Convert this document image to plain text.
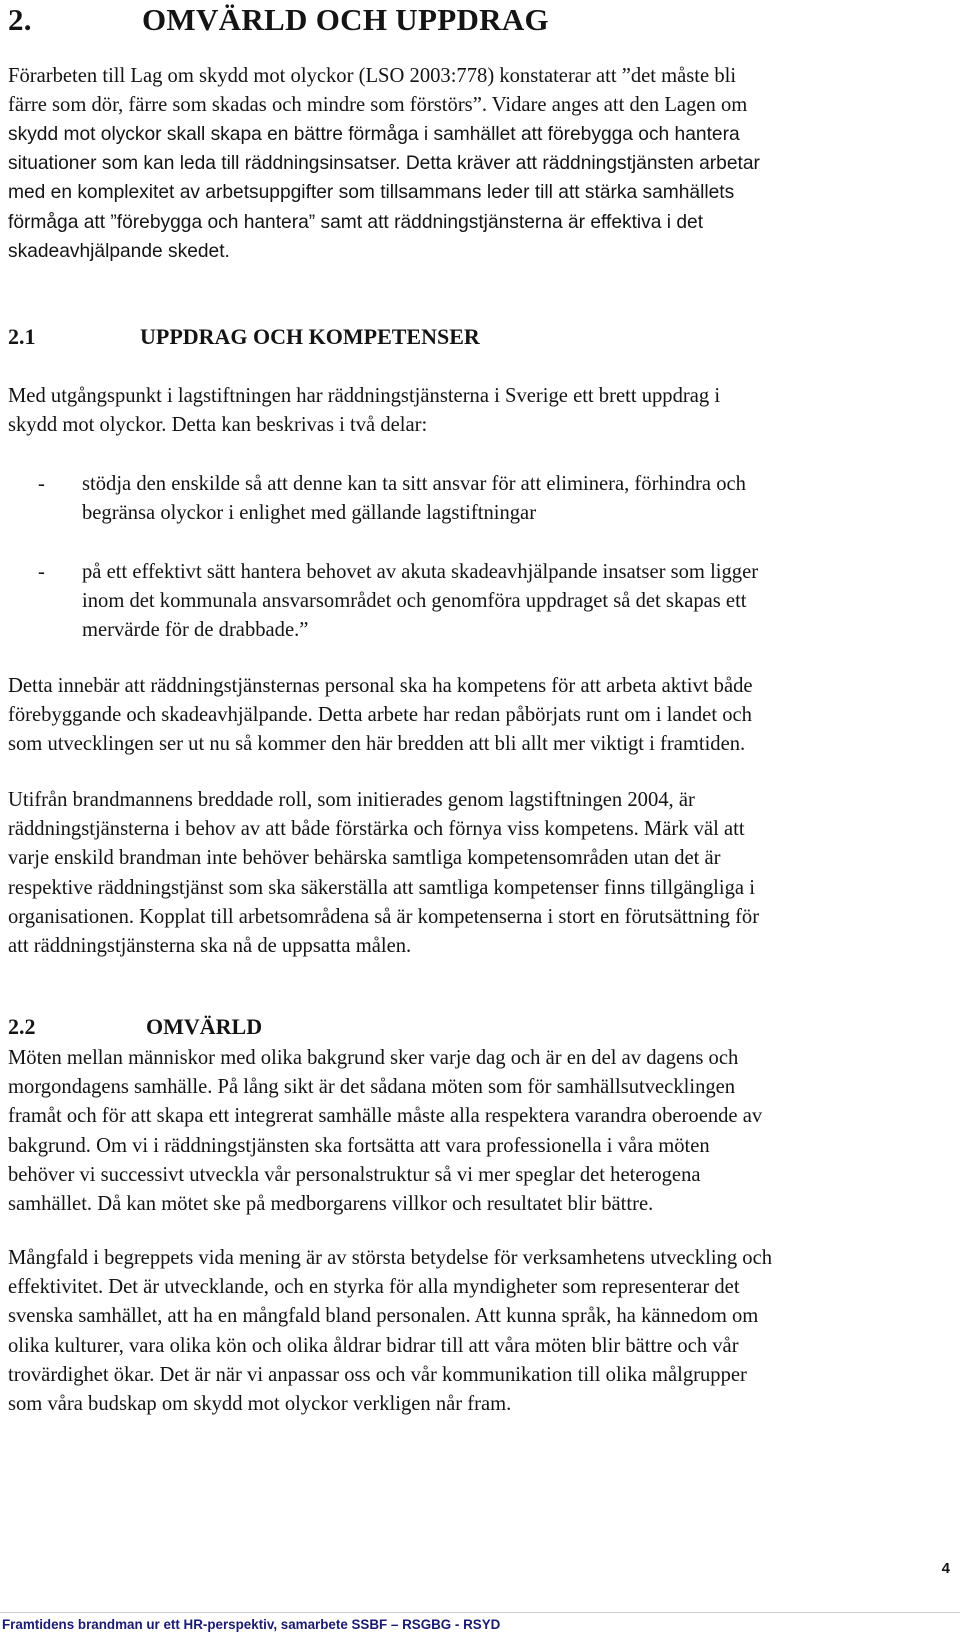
2.	OMVÄRLD OCH UPPDRAG
Förarbeten till Lag om skydd mot olyckor (LSO 2003:778) konstaterar att ”det måste bli
färre som dör, färre som skadas och mindre som förstörs”. Vidare anges att den Lagen om
skydd mot olyckor skall skapa en bättre förmåga i samhället att förebygga och hantera
situationer som kan leda till räddningsinsatser. Detta kräver att räddningstjänsten arbetar
med en komplexitet av arbetsuppgifter som tillsammans leder till att stärka samhällets
förmåga att ”förebygga och hantera” samt att räddningstjänsterna är effektiva i det
skadeavhjälpande skedet.
2.1	UPPDRAG OCH KOMPETENSER
Med utgångspunkt i lagstiftningen har räddningstjänsterna i Sverige ett brett uppdrag i
skydd mot olyckor. Detta kan beskrivas i två delar:
- stödja den enskilde så att denne kan ta sitt ansvar för att eliminera, förhindra och
begränsa olyckor i enlighet med gällande lagstiftningar
- på ett effektivt sätt hantera behovet av akuta skadeavhjälpande insatser som ligger
inom det kommunala ansvarsområdet och genomföra uppdraget så det skapas ett
mervärde för de drabbade.”
Detta innebär att räddningstjänsternas personal ska ha kompetens för att arbeta aktivt både
förebyggande och skadeavhjälpande. Detta arbete har redan påbörjats runt om i landet och
som utvecklingen ser ut nu så kommer den här bredden att bli allt mer viktigt i framtiden.
Utifrån brandmannens breddade roll, som initierades genom lagstiftningen 2004, är
räddningstjänsterna i behov av att både förstärka och förnya viss kompetens. Märk väl att
varje enskild brandman inte behöver behärska samtliga kompetensområden utan det är
respektive räddningstjänst som ska säkerställa att samtliga kompetenser finns tillgängliga i
organisationen. Kopplat till arbetsområdena så är kompetenserna i stort en förutsättning för
att räddningstjänsterna ska nå de uppsatta målen.
2.2	OMVÄRLD
Möten mellan människor med olika bakgrund sker varje dag och är en del av dagens och
morgondagens samhälle. På lång sikt är det sådana möten som för samhällsutvecklingen
framåt och för att skapa ett integrerat samhälle måste alla respektera varandra oberoende av
bakgrund. Om vi i räddningstjänsten ska fortsätta att vara professionella i våra möten
behöver vi successivt utveckla vår personalstruktur så vi mer speglar det heterogena
samhället. Då kan mötet ske på medborgarens villkor och resultatet blir bättre.
Mångfald i begreppets vida mening är av största betydelse för verksamhetens utveckling och
effektivitet. Det är utvecklande, och en styrka för alla myndigheter som representerar det
svenska samhället, att ha en mångfald bland personalen. Att kunna språk, ha kännedom om
olika kulturer, vara olika kön och olika åldrar bidrar till att våra möten blir bättre och vår
trovärdighet ökar. Det är när vi anpassar oss och vår kommunikation till olika målgrupper
som våra budskap om skydd mot olyckor verkligen når fram.
4
Framtidens brandman ur ett HR-perspektiv, samarbete SSBF – RSGBG - RSYD
